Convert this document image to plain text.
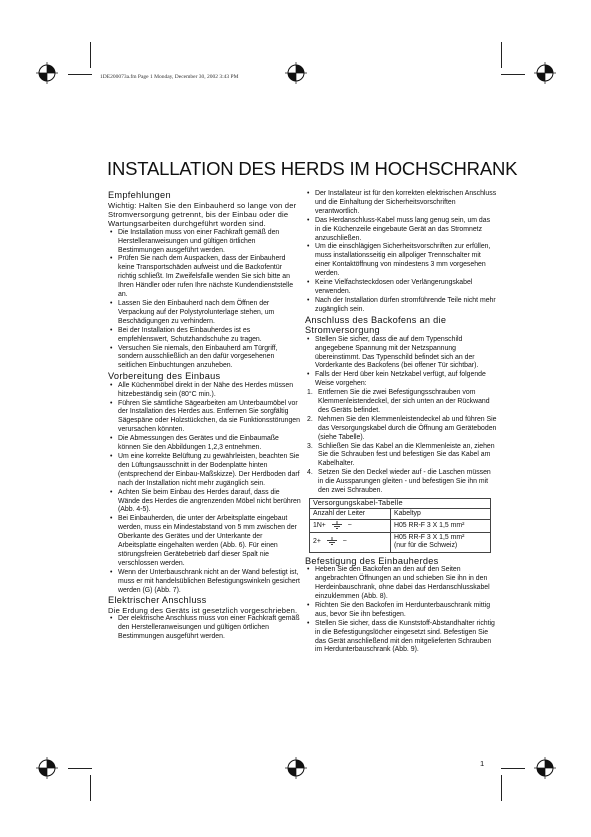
1DE200073a.fm Page 1 Monday, December 30, 2002 3:43 PM
INSTALLATION DES HERDS IM HOCHSCHRANK
Empfehlungen

Wichtig: Halten Sie den Einbauherd so lange von der Stromversorgung getrennt, bis der Einbau oder die Wartungsarbeiten durchgeführt worden sind.

• Die Installation muss von einer Fachkraft gemäß den Herstelleranweisungen und gültigen örtlichen Bestimmungen ausgeführt werden.
• Prüfen Sie nach dem Auspacken, dass der Einbauherd keine Transportschäden aufweist und die Backofentür richtig schließt. Im Zweifelsfalle wenden Sie sich bitte an Ihren Händler oder rufen Ihre nächste Kundendienststelle an.
• Lassen Sie den Einbauherd nach dem Öffnen der Verpackung auf der Polystyrolunterlage stehen, um Beschädigungen zu verhindern.
• Bei der Installation des Einbauherdes ist es empfehlenswert, Schutzhandschuhe zu tragen.
• Versuchen Sie niemals, den Einbauherd am Türgriff, sondern ausschließlich an den dafür vorgesehenen seitlichen Einbuchtungen anzuheben.
Vorbereitung des Einbaus
• Alle Küchenmöbel direkt in der Nähe des Herdes müssen hitzebeständig sein (80°C min.).
• Führen Sie sämtliche Sägearbeiten am Unterbaumöbel vor der Installation des Herdes aus. Entfernen Sie sorgfältig Sägespäne oder Holzstückchen, da sie Funktionsstörungen verursachen könnten.
• Die Abmessungen des Gerätes und die Einbaumaße können Sie den Abbildungen 1,2,3 entnehmen.
• Um eine korrekte Belüftung zu gewährleisten, beachten Sie den Lüftungsausschnitt in der Bodenplatte hinten (entsprechend der Einbau-Maßskizze). Der Herdboden darf nach der Installation nicht mehr zugänglich sein.
• Achten Sie beim Einbau des Herdes darauf, dass die Wände des Herdes die angrenzenden Möbel nicht berühren (Abb. 4-5).
• Bei Einbauherden, die unter der Arbeitsplatte eingebaut werden, muss ein Mindestabstand von 5 mm zwischen der Oberkante des Gerätes und der Unterkante der Arbeitsplatte eingehalten werden (Abb. 6). Für einen störungsfreien Gerätebetrieb darf dieser Spalt nie verschlossen werden.
• Wenn der Unterbauschrank nicht an der Wand befestigt ist, muss er mit handelsüblichen Befestigungswinkeln gesichert werden (G) (Abb. 7).
Elektrischer Anschluss

Die Erdung des Geräts ist gesetzlich vorgeschrieben.

• Der elektrische Anschluss muss von einer Fachkraft gemäß den Herstelleranweisungen und gültigen örtlichen Bestimmungen ausgeführt werden.
• Der Installateur ist für den korrekten elektrischen Anschluss und die Einhaltung der Sicherheitsvorschriften verantwortlich.
• Das Herdanschluss-Kabel muss lang genug sein, um das in die Küchenzeile eingebaute Gerät an das Stromnetz anzuschließen.
• Um die einschlägigen Sicherheitsvorschriften zur erfüllen, muss installationsseitig ein allpoliger Trennschalter mit einer Kontaktöffnung von mindestens 3 mm vorgesehen werden.
• Keine Vielfachsteckdosen oder Verlängerungskabel verwenden.
• Nach der Installation dürfen stromführende Teile nicht mehr zugänglich sein.
Anschluss des Backofens an die Stromversorgung
• Stellen Sie sicher, dass die auf dem Typenschild angegebene Spannung mit der Netzspannung übereinstimmt. Das Typenschild befindet sich an der Vorderkante des Backofens (bei offener Tür sichtbar).
• Falls der Herd über kein Netzkabel verfügt, auf folgende Weise vorgehen:
1. Entfernen Sie die zwei Befestigungsschrauben vom Klemmenleistendeckel, der sich unten an der Rückwand des Geräts befindet.
2. Nehmen Sie den Klemmenleistendeckel ab und führen Sie das Versorgungskabel durch die Öffnung am Geräteboden (siehe Tabelle).
3. Schließen Sie das Kabel an die Klemmenleiste an, ziehen Sie die Schrauben fest und befestigen Sie das Kabel am Kabelhalter.
4. Setzen Sie den Deckel wieder auf - die Laschen müssen in die Aussparungen gleiten - und befestigen Sie ihn mit den zwei Schrauben.
Versorgungskabel-Tabelle
Anzahl der Leiter	Kabeltyp
1N+ ~	H05 RR-F 3 X 1,5 mm²
2+ ~	H05 RR-F 3 X 1,5 mm²
(nur für die Schweiz)
Befestigung des Einbauherdes
• Heben Sie den Backofen an den auf den Seiten angebrachten Öffnungen an und schieben Sie ihn in den Herdeinbauschrank, ohne dabei das Herdanschlusskabel einzuklemmen (Abb. 8).
• Richten Sie den Backofen im Herdunterbauschrank mittig aus, bevor Sie ihn befestigen.
• Stellen Sie sicher, dass die Kunststoff-Abstandhalter richtig in die Befestigungslöcher eingesetzt sind. Befestigen Sie das Gerät anschließend mit den mitgelieferten Schrauben im Herdunterbauschrank (Abb. 9).
1
